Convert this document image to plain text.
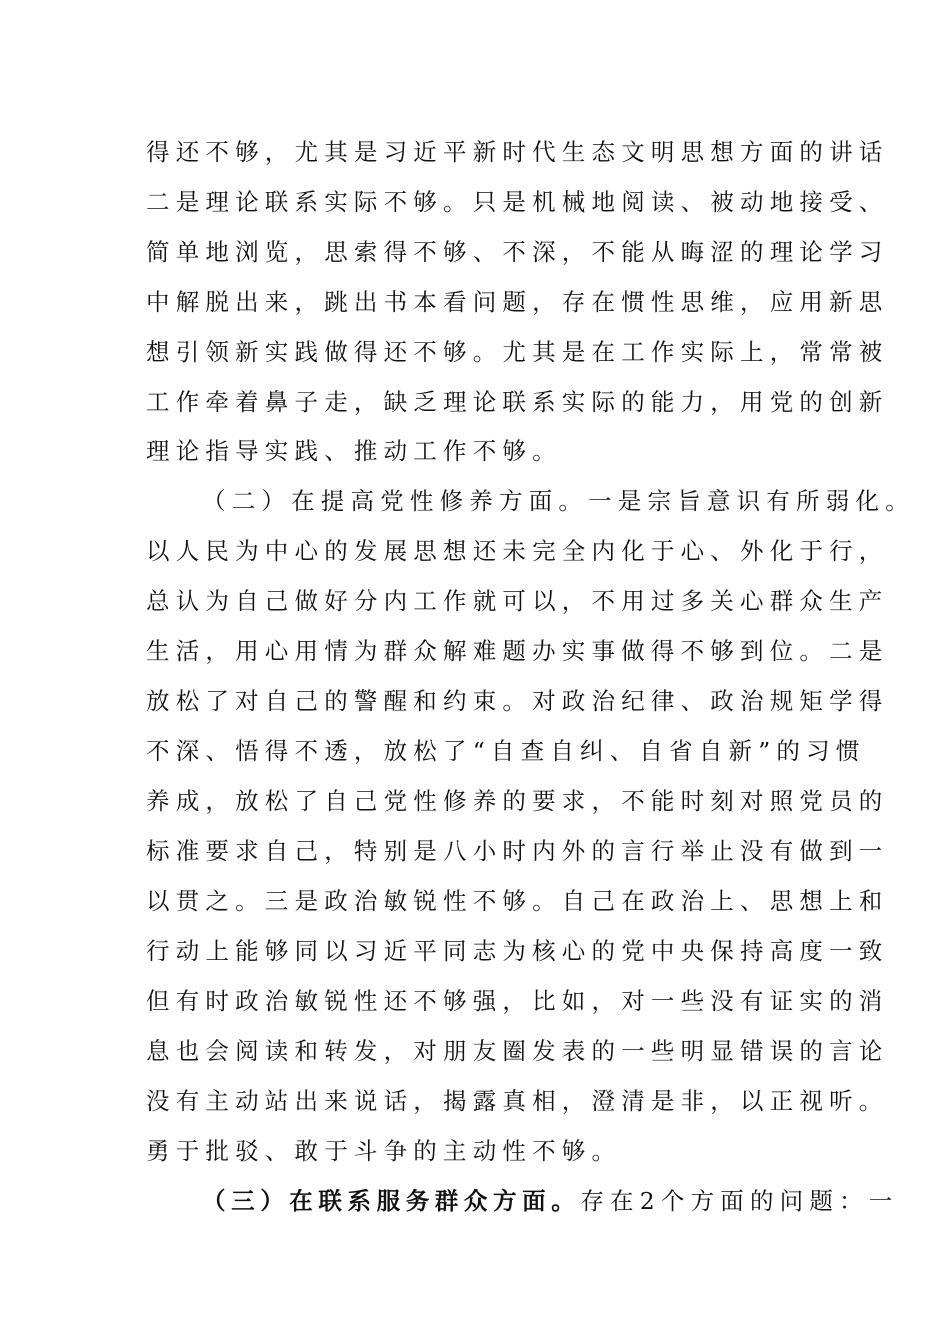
得还不够，尤其是习近平新时代生态文明思想方面的讲话
二是理论联系实际不够。只是机械地阅读、被动地接受、
简单地浏览，思索得不够、不深，不能从晦涩的理论学习
中解脱出来，跳出书本看问题，存在惯性思维，应用新思
想引领新实践做得还不够。尤其是在工作实际上，常常被
工作牵着鼻子走，缺乏理论联系实际的能力，用党的创新
理论指导实践、推动工作不够。
（二）在提高党性修养方面。一是宗旨意识有所弱化。
以人民为中心的发展思想还未完全内化于心、外化于行，
总认为自己做好分内工作就可以，不用过多关心群众生产
生活，用心用情为群众解难题办实事做得不够到位。二是
放松了对自己的警醒和约束。对政治纪律、政治规矩学得
不深、悟得不透，放松了“自查自纠、自省自新”的习惯
养成，放松了自己党性修养的要求，不能时刻对照党员的
标准要求自己，特别是八小时内外的言行举止没有做到一
以贯之。三是政治敏锐性不够。自己在政治上、思想上和
行动上能够同以习近平同志为核心的党中央保持高度一致
但有时政治敏锐性还不够强，比如，对一些没有证实的消
息也会阅读和转发，对朋友圈发表的一些明显错误的言论
没有主动站出来说话，揭露真相，澄清是非，以正视听。
勇于批驳、敢于斗争的主动性不够。
（三）在联系服务群众方面。存在2个方面的问题：一
